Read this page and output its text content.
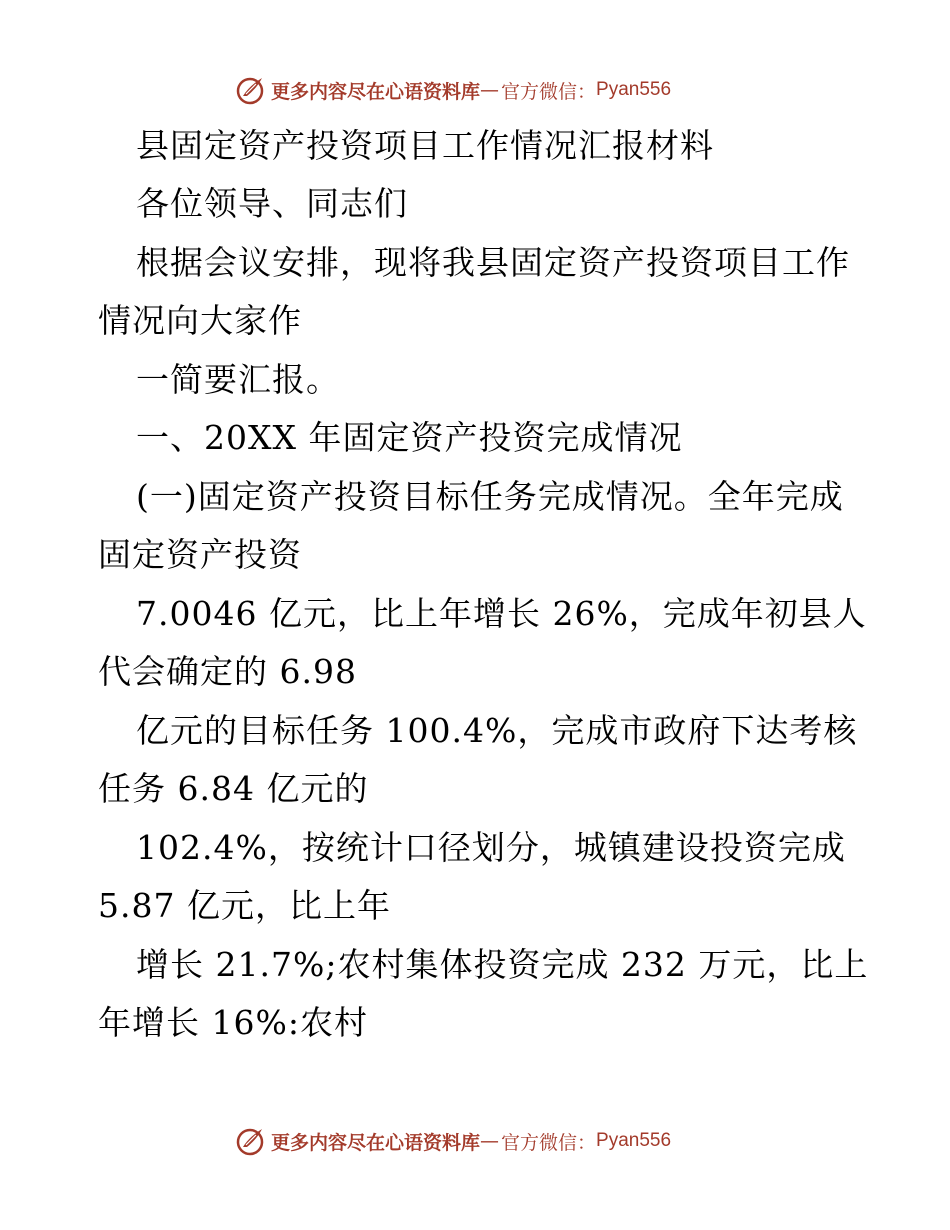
更多内容尽在心语资料库 — 官方微信： Pyan556
县固定资产投资项目工作情况汇报材料
各位领导、同志们
根据会议安排，现将我县固定资产投资项目工作
情况向大家作
一简要汇报。
一、20XX 年固定资产投资完成情况
(一)固定资产投资目标任务完成情况。全年完成
固定资产投资
7.0046 亿元，比上年增长 26%，完成年初县人
代会确定的 6.98
亿元的目标任务 100.4%，完成市政府下达考核
任务 6.84 亿元的
102.4%，按统计口径划分，城镇建设投资完成
5.87 亿元，比上年
增长 21.7%;农村集体投资完成 232 万元，比上
年增长 16%:农村
更多内容尽在心语资料库 — 官方微信： Pyan556
